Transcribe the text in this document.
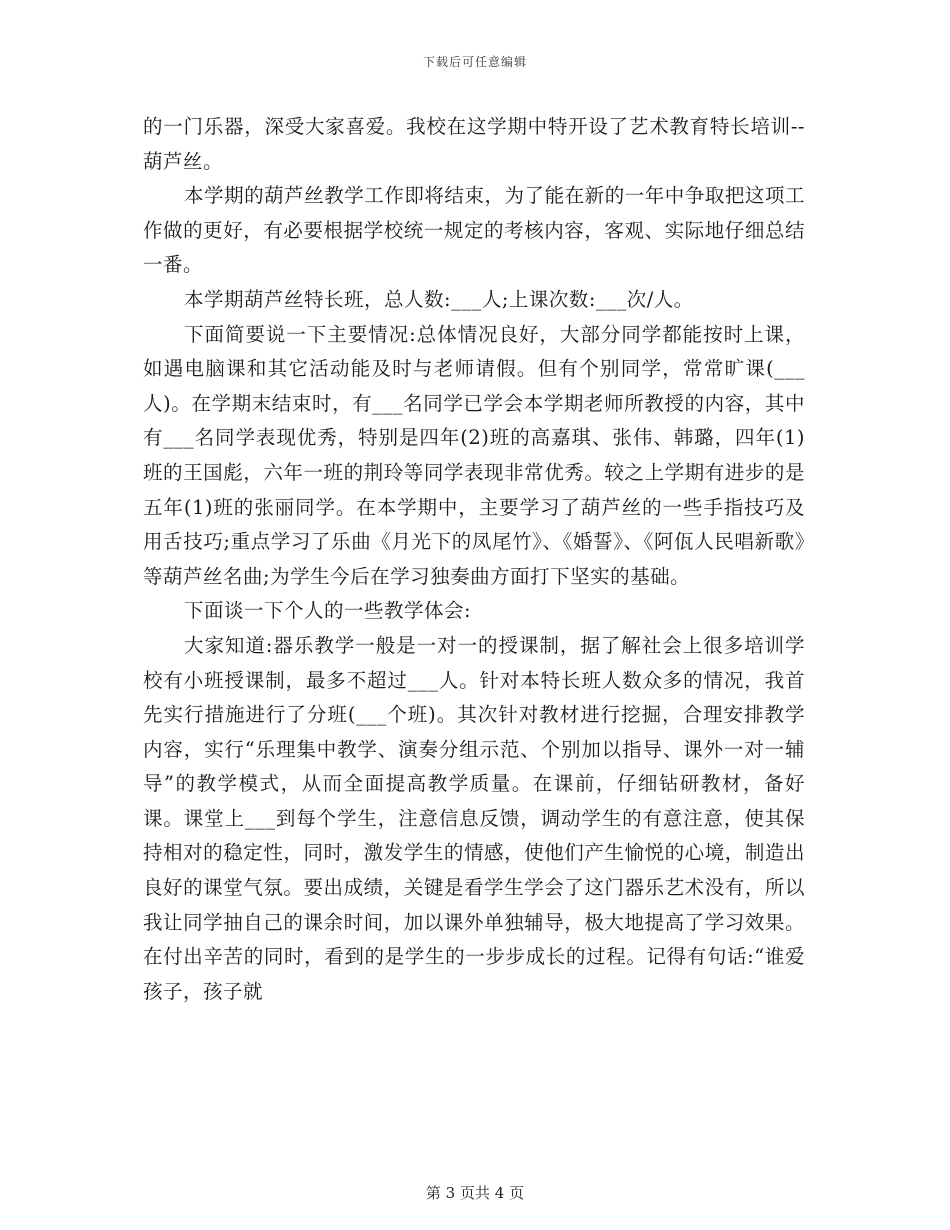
下载后可任意编辑

的一门乐器，深受大家喜爱。我校在这学期中特开设了艺术教育特长培训--葫芦丝。

本学期的葫芦丝教学工作即将结束，为了能在新的一年中争取把这项工作做的更好，有必要根据学校统一规定的考核内容，客观、实际地仔细总结一番。

本学期葫芦丝特长班，总人数:___人;上课次数:___次/人。

下面简要说一下主要情况:总体情况良好，大部分同学都能按时上课，如遇电脑课和其它活动能及时与老师请假。但有个别同学，常常旷课(___人)。在学期末结束时，有___名同学已学会本学期老师所教授的内容，其中有___名同学表现优秀，特别是四年(2)班的高嘉琪、张伟、韩璐，四年(1)班的王国彪，六年一班的荆玲等同学表现非常优秀。较之上学期有进步的是五年(1)班的张丽同学。在本学期中，主要学习了葫芦丝的一些手指技巧及用舌技巧;重点学习了乐曲《月光下的凤尾竹》、《婚誓》、《阿佤人民唱新歌》等葫芦丝名曲;为学生今后在学习独奏曲方面打下坚实的基础。

下面谈一下个人的一些教学体会:

大家知道:器乐教学一般是一对一的授课制，据了解社会上很多培训学校有小班授课制，最多不超过___人。针对本特长班人数众多的情况，我首先实行措施进行了分班(___个班)。其次针对教材进行挖掘，合理安排教学内容，实行“乐理集中教学、演奏分组示范、个别加以指导、课外一对一辅导”的教学模式，从而全面提高教学质量。在课前，仔细钻研教材，备好课。课堂上___到每个学生，注意信息反馈，调动学生的有意注意，使其保持相对的稳定性，同时，激发学生的情感，使他们产生愉悦的心境，制造出良好的课堂气氛。要出成绩，关键是看学生学会了这门器乐艺术没有，所以我让同学抽自己的课余时间，加以课外单独辅导，极大地提高了学习效果。在付出辛苦的同时，看到的是学生的一步步成长的过程。记得有句话:“谁爱孩子，孩子就

第 3 页共 4 页
